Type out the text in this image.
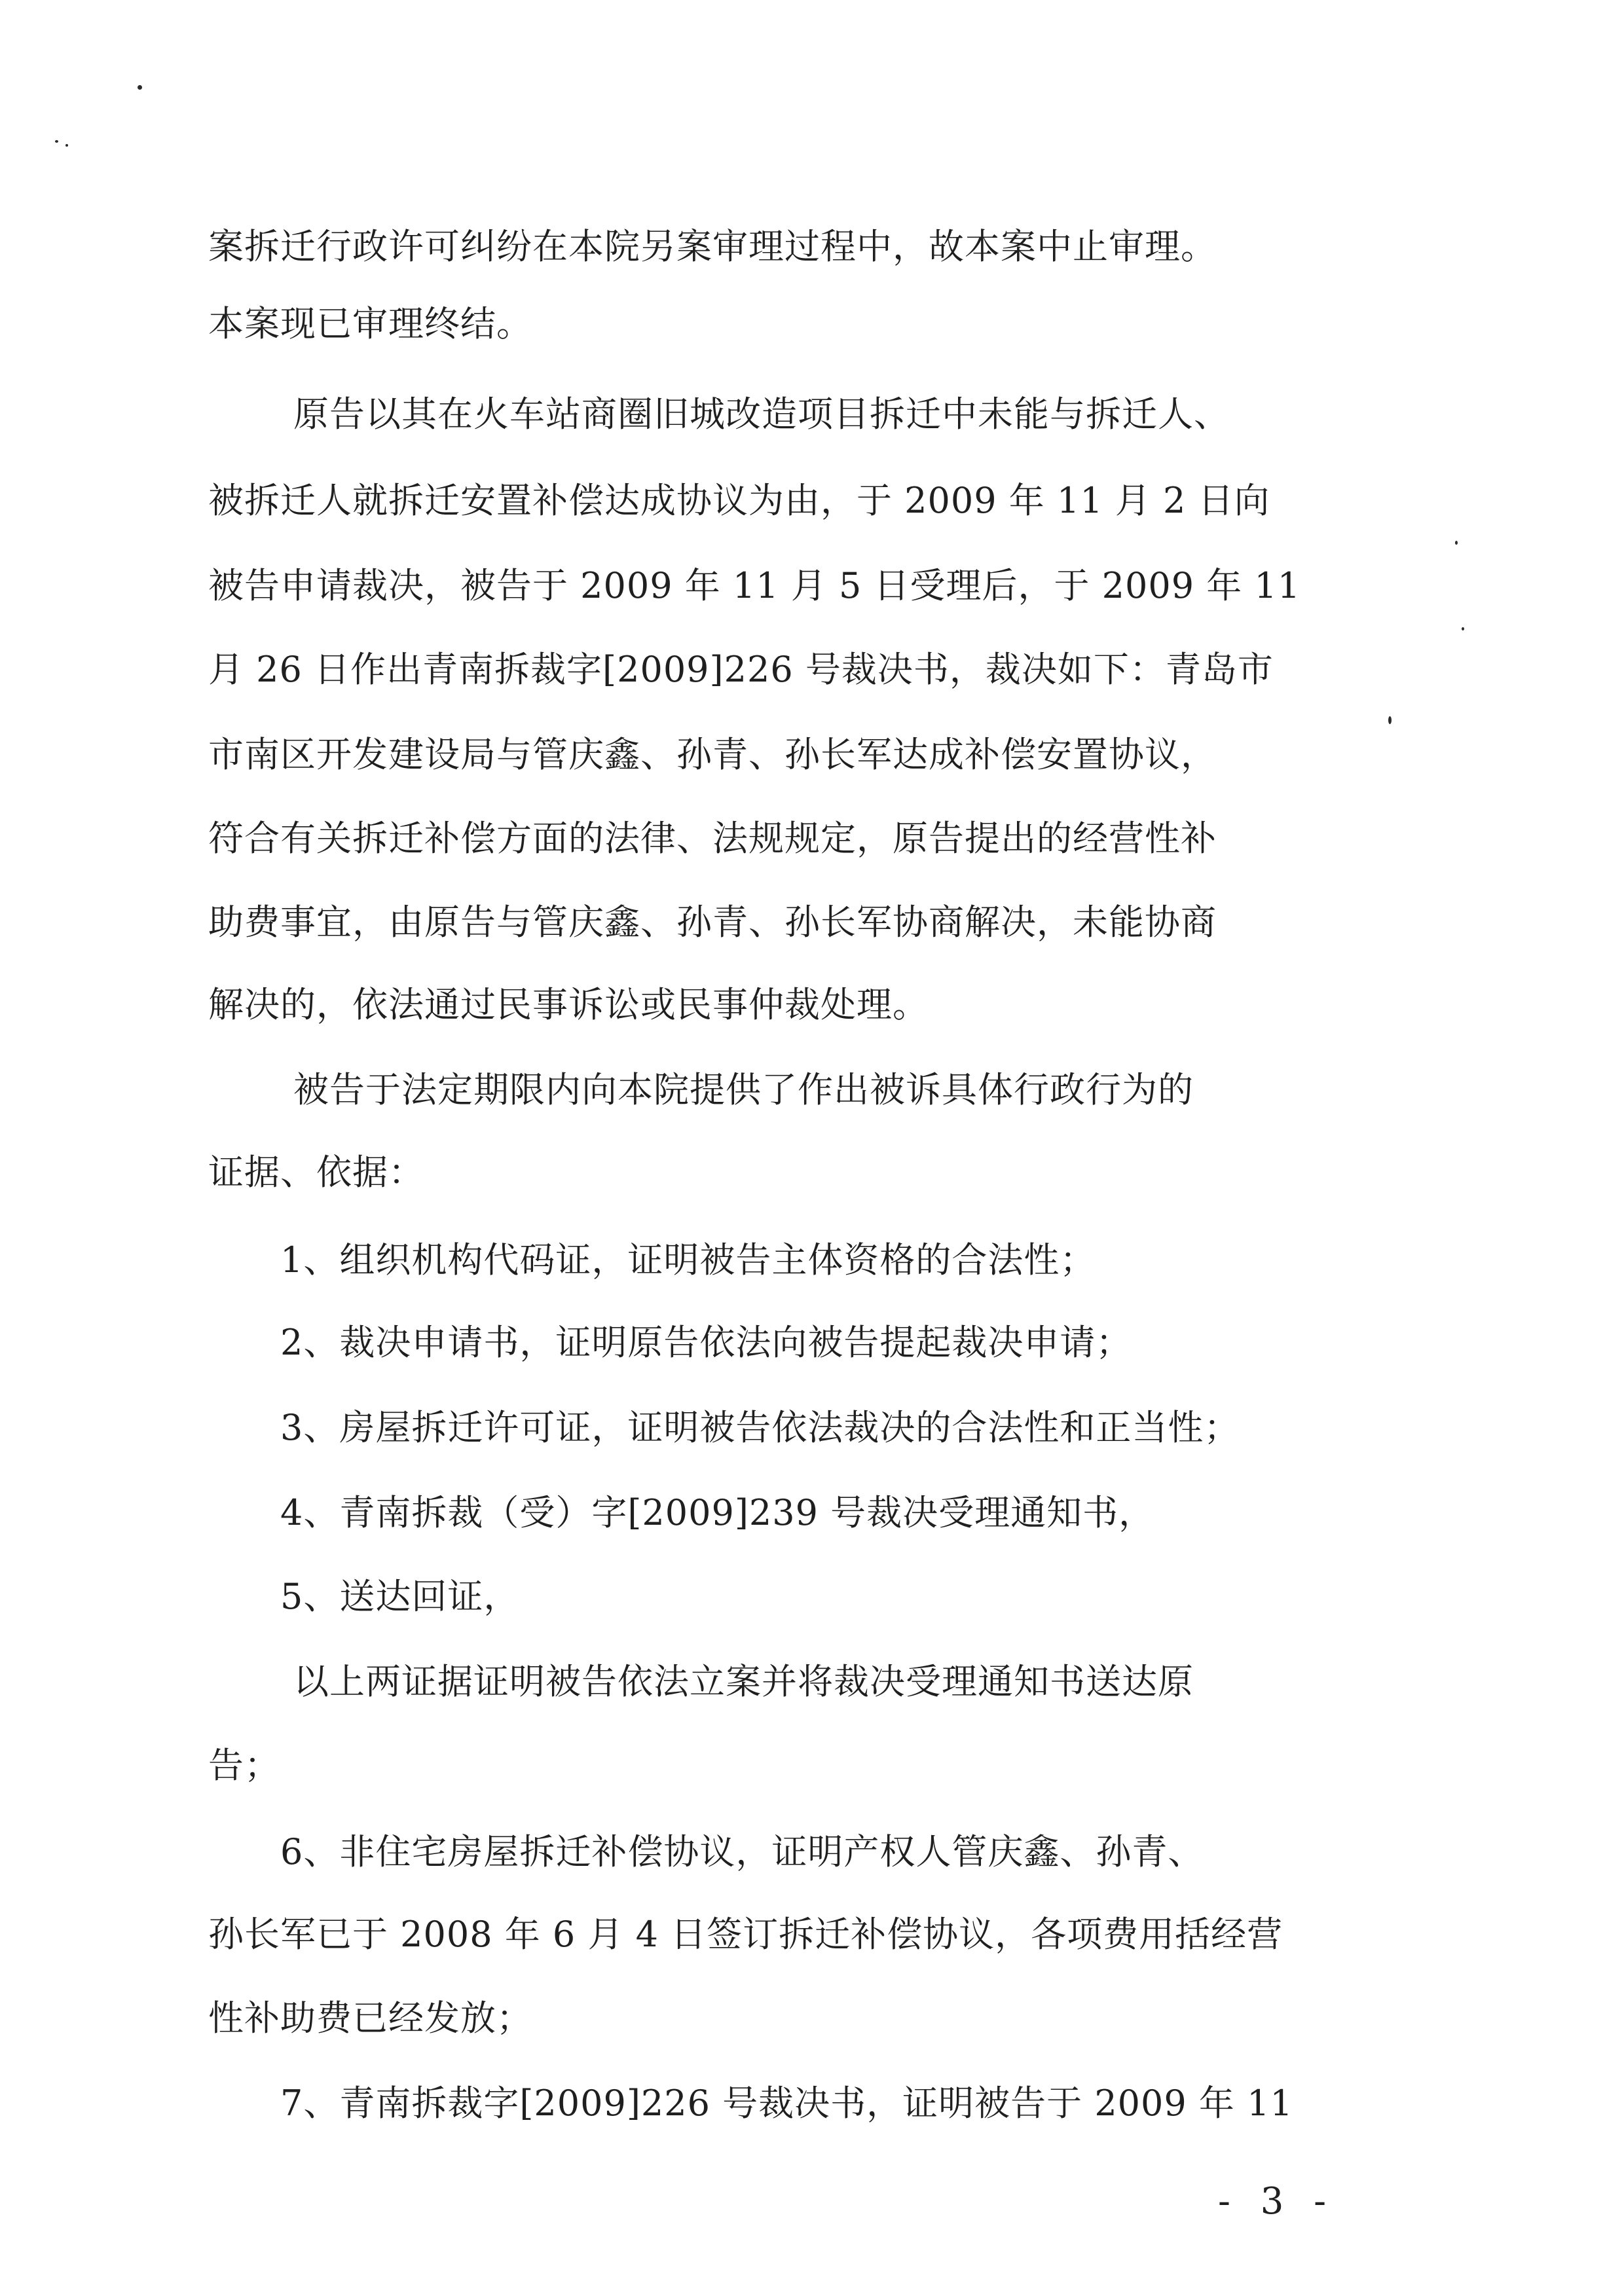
案拆迁行政许可纠纷在本院另案审理过程中，故本案中止审理。
本案现已审理终结。
原告以其在火车站商圈旧城改造项目拆迁中未能与拆迁人、
被拆迁人就拆迁安置补偿达成协议为由，于 2009 年 11 月 2 日向
被告申请裁决，被告于 2009 年 11 月 5 日受理后，于 2009 年 11
月 26 日作出青南拆裁字[2009]226 号裁决书，裁决如下：青岛市
市南区开发建设局与管庆鑫、孙青、孙长军达成补偿安置协议，
符合有关拆迁补偿方面的法律、法规规定，原告提出的经营性补
助费事宜，由原告与管庆鑫、孙青、孙长军协商解决，未能协商
解决的，依法通过民事诉讼或民事仲裁处理。
被告于法定期限内向本院提供了作出被诉具体行政行为的
证据、依据：
1、组织机构代码证，证明被告主体资格的合法性；
2、裁决申请书，证明原告依法向被告提起裁决申请；
3、房屋拆迁许可证，证明被告依法裁决的合法性和正当性；
4、青南拆裁（受）字[2009]239 号裁决受理通知书，
5、送达回证，
以上两证据证明被告依法立案并将裁决受理通知书送达原
告；
6、非住宅房屋拆迁补偿协议，证明产权人管庆鑫、孙青、
孙长军已于 2008 年 6 月 4 日签订拆迁补偿协议，各项费用括经营
性补助费已经发放；
7、青南拆裁字[2009]226 号裁决书，证明被告于 2009 年 11
- 3 -
